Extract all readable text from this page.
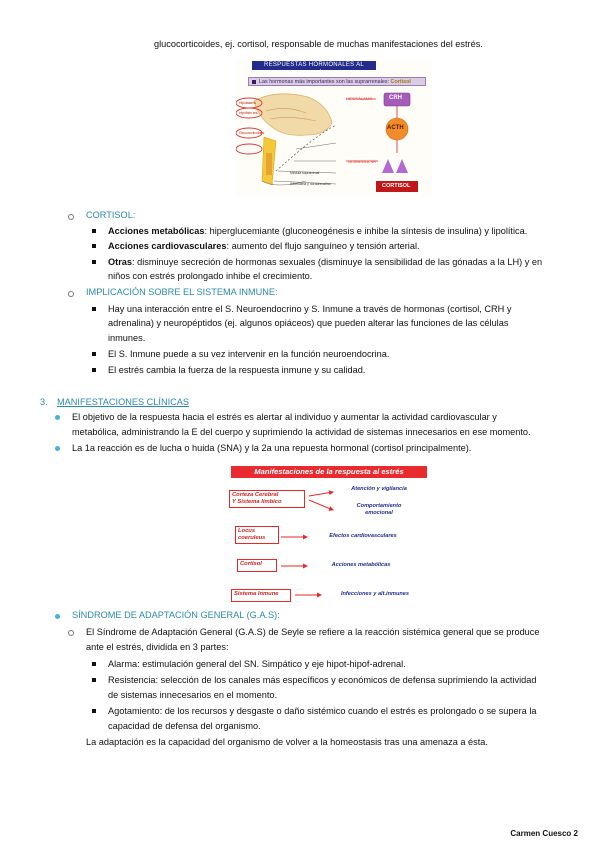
glucocorticoides, ej. cortisol, responsable de muchas manifestaciones del estrés.
RESPUESTAS HORMONALES AL ESTRÉS
Las hormonas más importantes son las suprarrenales: Cortisol
HIPOTÁLAMO	CRH
ACTH
GLÁNDULA SR
CORTISOL
Hipotálamo
Hipófisis ant.
Glucocorticoides
Médula suprarrenal
Adrenalina y noradrenalina
CORTISOL:
Acciones metabólicas: hiperglucemiante (gluconeogénesis e inhibe la síntesis de insulina) y lipolítica.
Acciones cardiovasculares: aumento del flujo sanguíneo y tensión arterial.
Otras: disminuye secreción de hormonas sexuales (disminuye la sensibilidad de las gónadas a la LH) y en
niños con estrés prolongado inhibe el crecimiento.
IMPLICACIÓN SOBRE EL SISTEMA INMUNE:
Hay una interacción entre el S. Neuroendocrino y S. Inmune a través de hormonas (cortisol, CRH y
adrenalina) y neuropéptidos (ej. algunos opiáceos) que pueden alterar las funciones de las células
inmunes.
El S. Inmune puede a su vez intervenir en la función neuroendocrina.
El estrés cambia la fuerza de la respuesta inmune y su calidad.
3. MANIFESTACIONES CLÍNICAS
El objetivo de la respuesta hacia el estrés es alertar al individuo y aumentar la actividad cardiovascular y
metabólica, administrando la E del cuerpo y suprimiendo la actividad de sistemas innecesarios en ese momento.
La 1a reacción es de lucha o huida (SNA) y la 2a una repuesta hormonal (cortisol principalmente).
Manifestaciones de la respuesta al estrés
Corteza Cerebral
Y Sistema límbico
Locus
coeruleus
Cortisol
Sistema Inmune
Atención y vigilancia
Comportamiento
emocional
Efectos cardiovasculares
Acciones metabólicas
Infecciones y alt.inmunes
SÍNDROME DE ADAPTACIÓN GENERAL (G.A.S):
El Síndrome de Adaptación General (G.A.S) de Seyle se refiere a la reacción sistémica general que se produce
ante el estrés, dividida en 3 partes:
Alarma: estimulación general del SN. Simpático y eje hipot-hipof-adrenal.
Resistencia: selección de los canales más específicos y económicos de defensa suprimiendo la actividad
de sistemas innecesarios en el momento.
Agotamiento: de los recursos y desgaste o daño sistémico cuando el estrés es prolongado o se supera la
capacidad de defensa del organismo.
La adaptación es la capacidad del organismo de volver a la homeostasis tras una amenaza a ésta.
Carmen Cuesco 2
